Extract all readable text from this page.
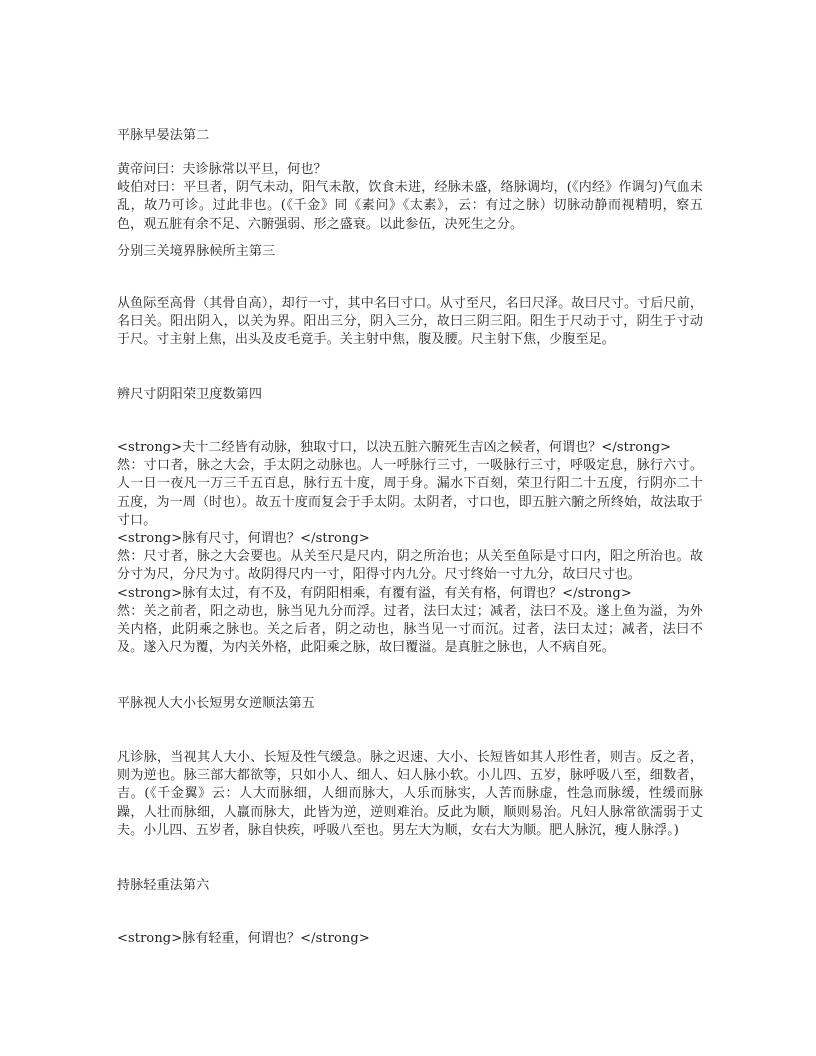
平脉早晏法第二
黄帝问曰：夫诊脉常以平旦，何也？
岐伯对曰：平旦者，阴气未动，阳气未散，饮食未进，经脉未盛，络脉调均，(《内经》作调匀)气血未乱，故乃可诊。过此非也。(《千金》同《素问》《太素》，云：有过之脉）切脉动静而视精明，察五色，观五脏有余不足、六腑强弱、形之盛衰。以此参伍，决死生之分。
分别三关境界脉候所主第三
从鱼际至高骨（其骨自高），却行一寸，其中名曰寸口。从寸至尺，名曰尺泽。故曰尺寸。寸后尺前，名曰关。阳出阴入，以关为界。阳出三分，阴入三分，故曰三阴三阳。阳生于尺动于寸，阴生于寸动于尺。寸主射上焦，出头及皮毛竟手。关主射中焦，腹及腰。尺主射下焦，少腹至足。
辨尺寸阴阳荣卫度数第四
<strong>夫十二经皆有动脉，独取寸口，以决五脏六腑死生吉凶之候者，何谓也？</strong>
然：寸口者，脉之大会，手太阴之动脉也。人一呼脉行三寸，一吸脉行三寸，呼吸定息，脉行六寸。人一日一夜凡一万三千五百息，脉行五十度，周于身。漏水下百刻，荣卫行阳二十五度，行阴亦二十五度，为一周（时也）。故五十度而复会于手太阴。太阴者，寸口也，即五脏六腑之所终始，故法取于寸口。
<strong>脉有尺寸，何谓也？</strong>
然：尺寸者，脉之大会要也。从关至尺是尺内，阴之所治也；从关至鱼际是寸口内，阳之所治也。故分寸为尺，分尺为寸。故阴得尺内一寸，阳得寸内九分。尺寸终始一寸九分，故曰尺寸也。
<strong>脉有太过，有不及，有阴阳相乘，有覆有溢，有关有格，何谓也？</strong>
然：关之前者，阳之动也，脉当见九分而浮。过者，法曰太过；减者，法曰不及。遂上鱼为溢，为外关内格，此阴乘之脉也。关之后者，阴之动也，脉当见一寸而沉。过者，法曰太过；减者，法曰不及。遂入尺为覆，为内关外格，此阳乘之脉，故曰覆溢。是真脏之脉也，人不病自死。
平脉视人大小长短男女逆顺法第五
凡诊脉，当视其人大小、长短及性气缓急。脉之迟速、大小、长短皆如其人形性者，则吉。反之者，则为逆也。脉三部大都欲等，只如小人、细人、妇人脉小软。小儿四、五岁，脉呼吸八至，细数者，吉。(《千金翼》云：人大而脉细，人细而脉大，人乐而脉实，人苦而脉虚，性急而脉缓，性缓而脉躁，人壮而脉细，人羸而脉大，此皆为逆，逆则难治。反此为顺，顺则易治。凡妇人脉常欲濡弱于丈夫。小儿四、五岁者，脉自快疾，呼吸八至也。男左大为顺，女右大为顺。肥人脉沉，瘦人脉浮。)
持脉轻重法第六
<strong>脉有轻重，何谓也？</strong>
